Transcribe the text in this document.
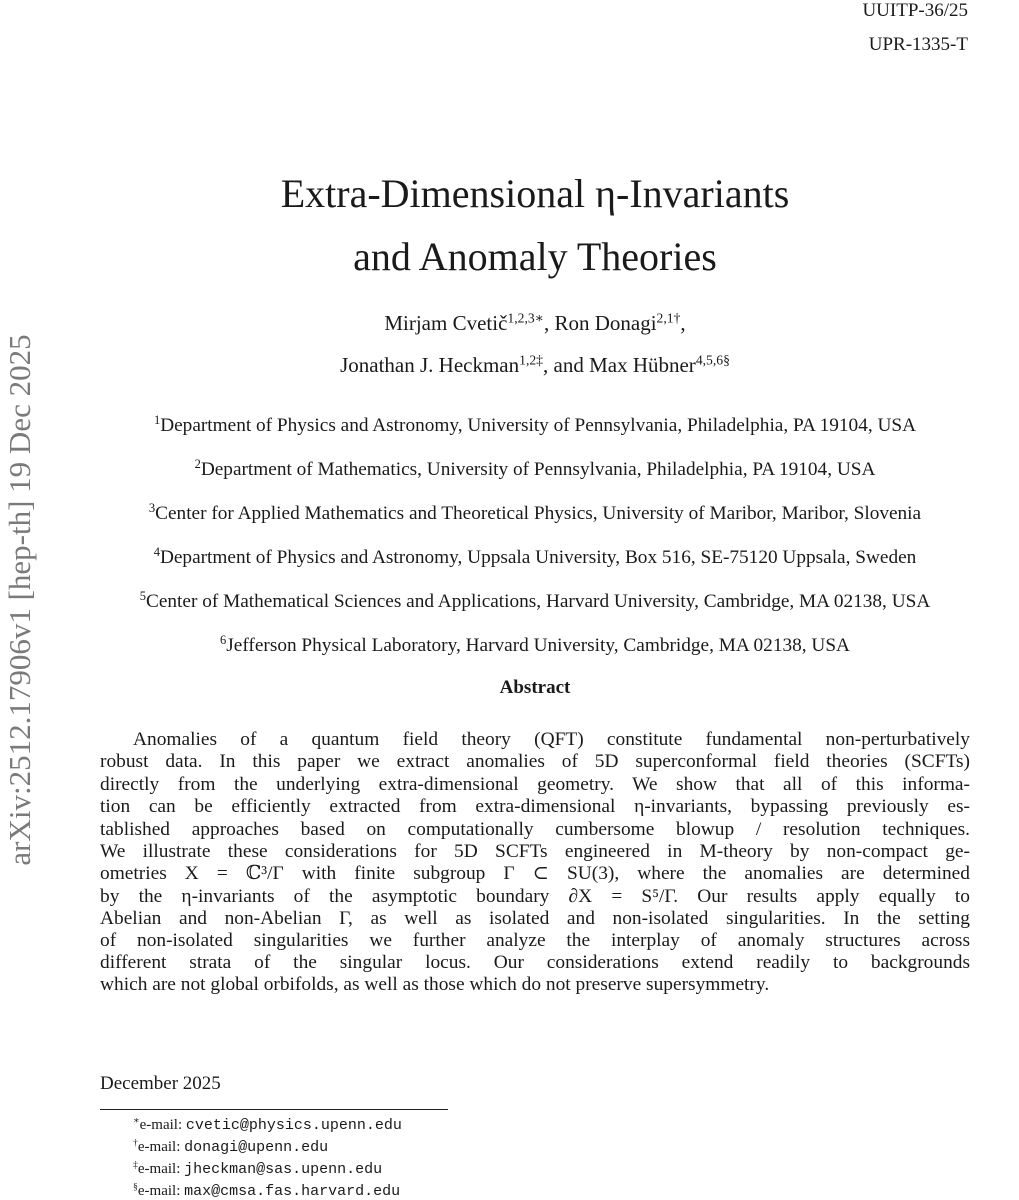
arXiv:2512.17906v1 [hep-th] 19 Dec 2025
UUITP-36/25
UPR-1335-T
Extra-Dimensional η-Invariants
and Anomaly Theories
Mirjam Cvetič$^{1,2,3∗}$, Ron Donagi$^{2,1\dagger}$,
Jonathan J. Heckman$^{1,2\ddagger}$, and Max Hübner$^{4,5,6\S}$
$^1$Department of Physics and Astronomy, University of Pennsylvania, Philadelphia, PA 19104, USA
$^2$Department of Mathematics, University of Pennsylvania, Philadelphia, PA 19104, USA
$^3$Center for Applied Mathematics and Theoretical Physics, University of Maribor, Maribor, Slovenia
$^4$Department of Physics and Astronomy, Uppsala University, Box 516, SE-75120 Uppsala, Sweden
$^5$Center of Mathematical Sciences and Applications, Harvard University, Cambridge, MA 02138, USA
$^6$Jefferson Physical Laboratory, Harvard University, Cambridge, MA 02138, USA
Abstract
Anomalies of a quantum field theory (QFT) constitute fundamental non-perturbatively
robust data. In this paper we extract anomalies of 5D superconformal field theories (SCFTs)
directly from the underlying extra-dimensional geometry. We show that all of this informa-
tion can be efficiently extracted from extra-dimensional η-invariants, bypassing previously es-
tablished approaches based on computationally cumbersome blowup / resolution techniques.
We illustrate these considerations for 5D SCFTs engineered in M-theory by non-compact ge-
ometries X = ℂ³/Γ with finite subgroup Γ ⊂ SU(3), where the anomalies are determined
by the η-invariants of the asymptotic boundary ∂X = S⁵/Γ. Our results apply equally to
Abelian and non-Abelian Γ, as well as isolated and non-isolated singularities. In the setting
of non-isolated singularities we further analyze the interplay of anomaly structures across
different strata of the singular locus. Our considerations extend readily to backgrounds
which are not global orbifolds, as well as those which do not preserve supersymmetry.
December 2025
∗e-mail: cvetic@physics.upenn.edu
†e-mail: donagi@upenn.edu
‡e-mail: jheckman@sas.upenn.edu
§e-mail: max@cmsa.fas.harvard.edu
